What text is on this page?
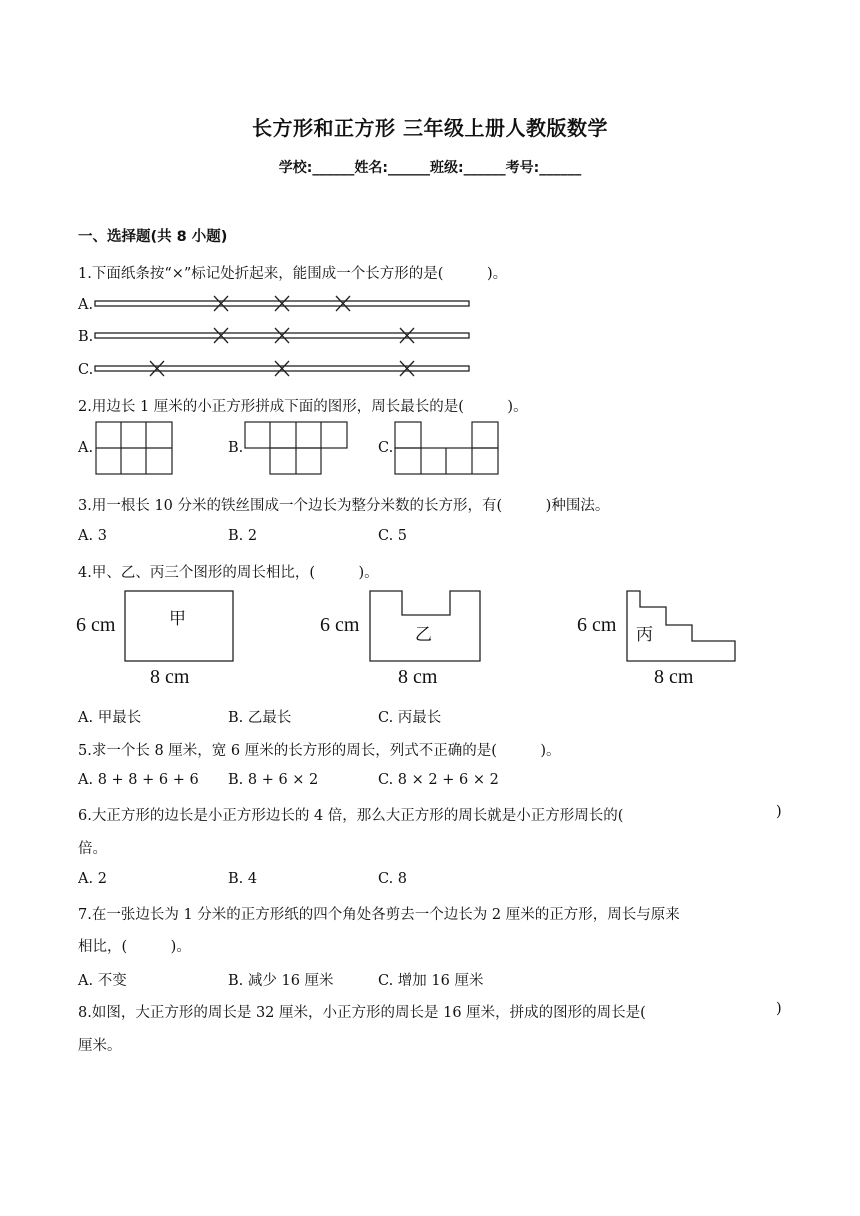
长方形和正方形 三年级上册人教版数学
学校:______姓名:______班级:______考号:______
一、选择题(共 8 小题)
1.下面纸条按“×”标记处折起来，能围成一个长方形的是(　　　)。
A.
B.
C.
2.用边长 1 厘米的小正方形拼成下面的图形，周长最长的是(　　　)。
A.	B.	C.
3.用一根长 10 分米的铁丝围成一个边长为整分米数的长方形，有(　　　)种围法。
A. 3	B. 2	C. 5
4.甲、乙、丙三个图形的周长相比，(　　　)。
6 cm
8 cm
6 cm
8 cm
6 cm
8 cm
甲
乙	丙
A. 甲最长	B. 乙最长	C. 丙最长
5.求一个长 8 厘米，宽 6 厘米的长方形的周长，列式不正确的是(　　　)。
A. 8 + 8 + 6 + 6 B. 8 + 6 × 2	C. 8 × 2 + 6 × 2
6.大正方形的边长是小正方形边长的 4 倍，那么大正方形的周长就是小正方形周长的(	)
倍。
A. 2	B. 4	C. 8
7.在一张边长为 1 分米的正方形纸的四个角处各剪去一个边长为 2 厘米的正方形，周长与原来
相比，(　　　)。
A. 不变	B. 减少 16 厘米	C. 增加 16 厘米
8.如图，大正方形的周长是 32 厘米，小正方形的周长是 16 厘米，拼成的图形的周长是(	)
厘米。
